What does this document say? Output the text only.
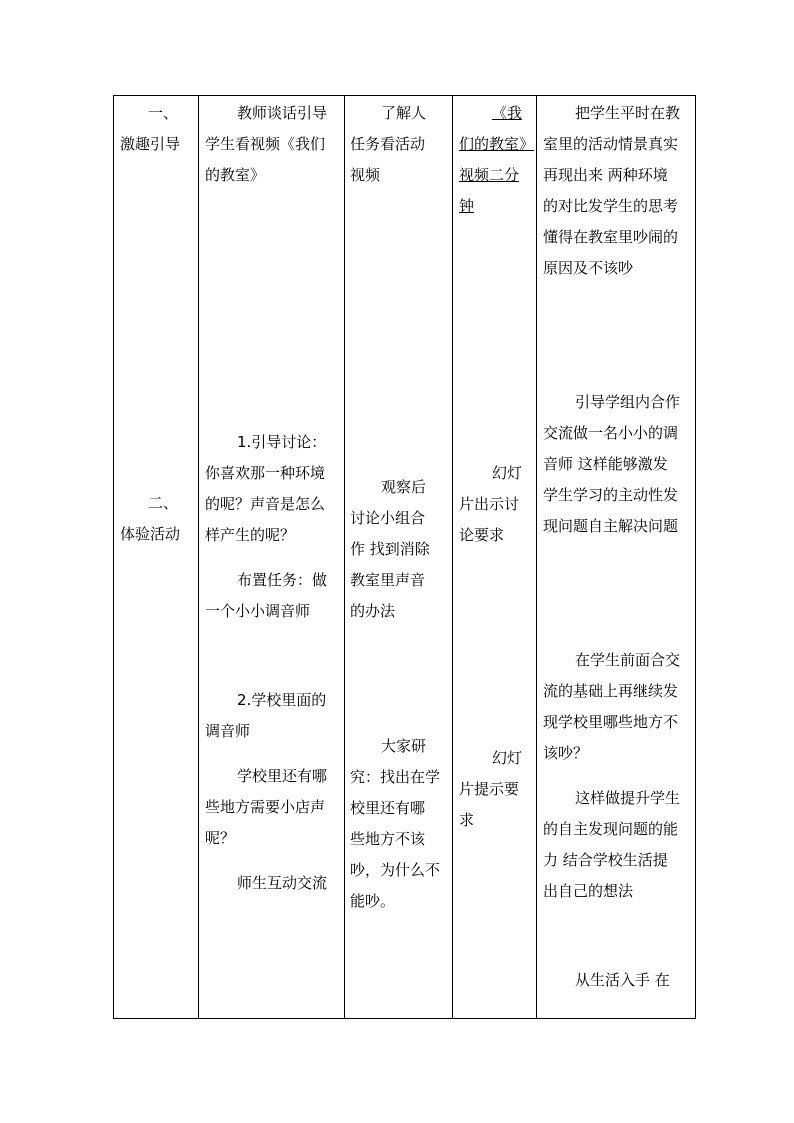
一、
激趣引导
二、
体验活动
教师谈话引导
学生看视频《我们
的教室》
1.引导讨论：
你喜欢那一种环境
的呢？声音是怎么
样产生的呢？
布置任务：做
一个小小调音师
2.学校里面的
调音师
学校里还有哪
些地方需要小店声
呢？
师生互动交流
了解人
任务看活动
视频
观察后
讨论小组合
作 找到消除
教室里声音
的办法
大家研
究：找出在学
校里还有哪
些地方不该
吵，为什么不
能吵。
《我
们的教室》
视频二分
钟
幻灯
片出示讨
论要求
幻灯
片提示要
求
把学生平时在教
室里的活动情景真实
再现出来 两种环境
的对比发学生的思考
懂得在教室里吵闹的
原因及不该吵
引导学组内合作
交流做一名小小的调
音师 这样能够激发
学生学习的主动性发
现问题自主解决问题
在学生前面合交
流的基础上再继续发
现学校里哪些地方不
该吵？
这样做提升学生
的自主发现问题的能
力 结合学校生活提
出自己的想法
从生活入手 在
